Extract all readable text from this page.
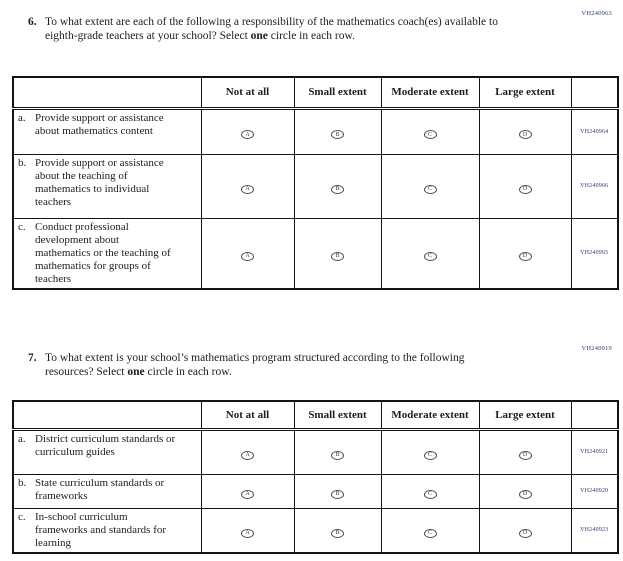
VH240963
6. To what extent are each of the following a responsibility of the mathematics coach(es) available to eighth-grade teachers at your school? Select one circle in each row.
	Not at all	Small extent	Moderate extent	Large extent	

a. Provide support or assistance about mathematics content	A	B	C	D	VH240964

b. Provide support or assistance about the teaching of mathematics to individual teachers	A	B	C	D	VH240966

c. Conduct professional development about mathematics or the teaching of mathematics for groups of teachers	A	B	C	D	VH240965
VH240919
7. To what extent is your school’s mathematics program structured according to the following resources? Select one circle in each row.
	Not at all	Small extent	Moderate extent	Large extent	

a. District curriculum standards or curriculum guides	A	B	C	D	VH240921

b. State curriculum standards or frameworks	A	B	C	D	VH240920

c. In-school curriculum frameworks and standards for learning	A	B	C	D	VH240923
